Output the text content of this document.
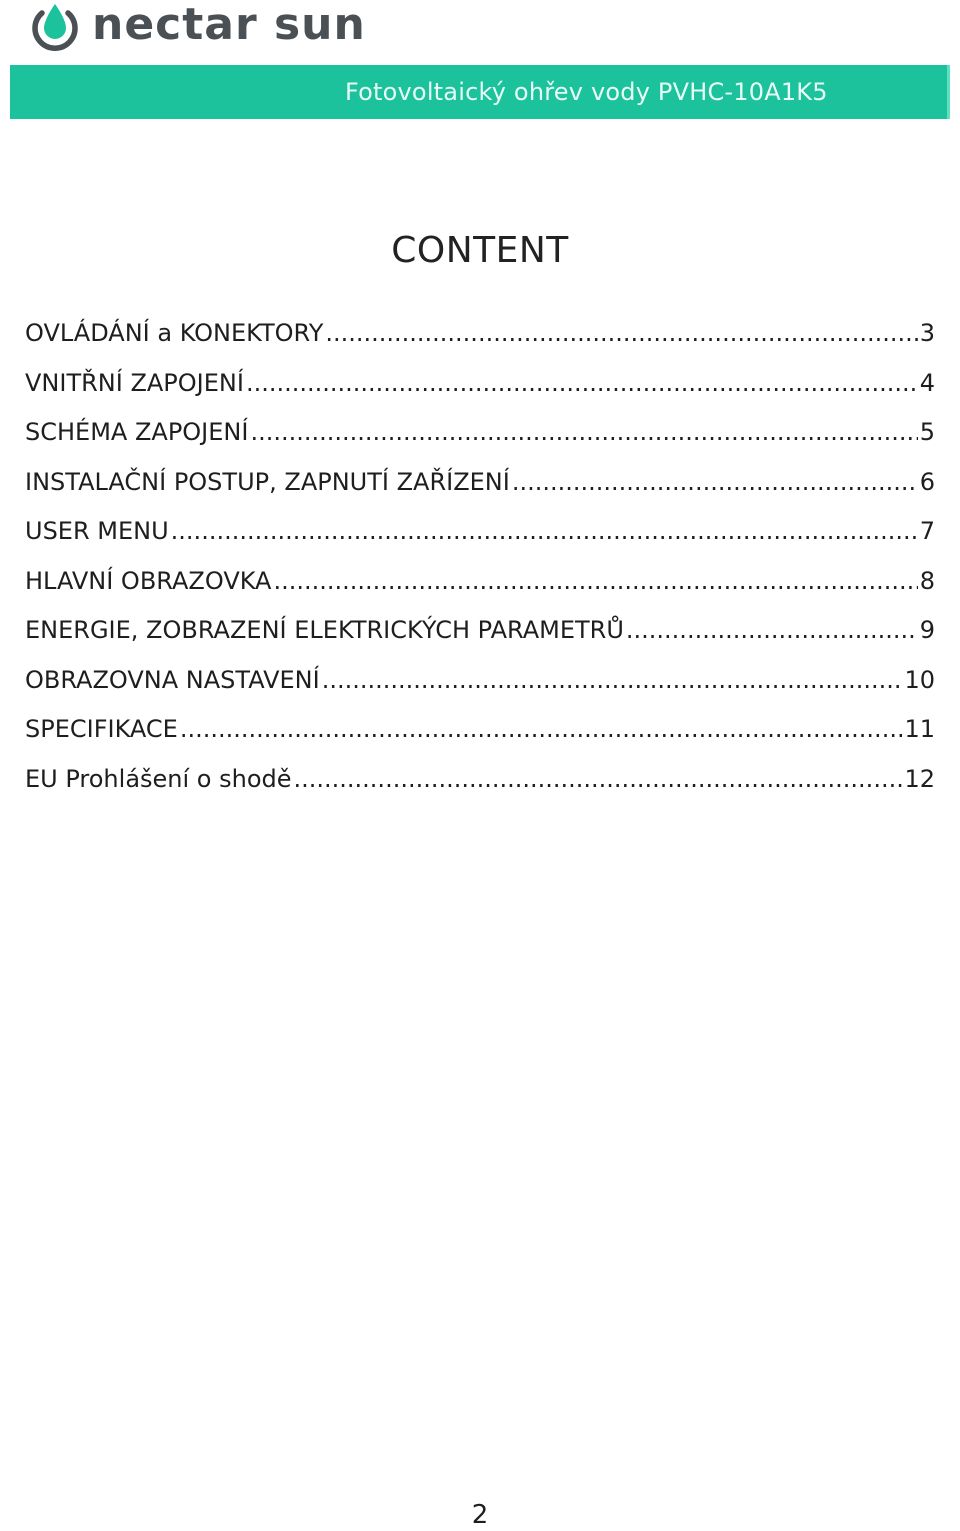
nectar sun
Fotovoltaický ohřev vody PVHC-10A1K5
CONTENT
OVLÁDÁNÍ a KONEKTORY .....	3
VNITŘNÍ ZAPOJENÍ .....	4
SCHÉMA ZAPOJENÍ .....	5
INSTALAČNÍ POSTUP, ZAPNUTÍ ZAŘÍZENÍ .....	6
USER MENU .....	7
HLAVNÍ OBRAZOVKA .....	8
ENERGIE, ZOBRAZENÍ ELEKTRICKÝCH PARAMETRŮ .....	9
OBRAZOVNA NASTAVENÍ .....	10
SPECIFIKACE .....	11
EU Prohlášení o shodě .....	12
2
